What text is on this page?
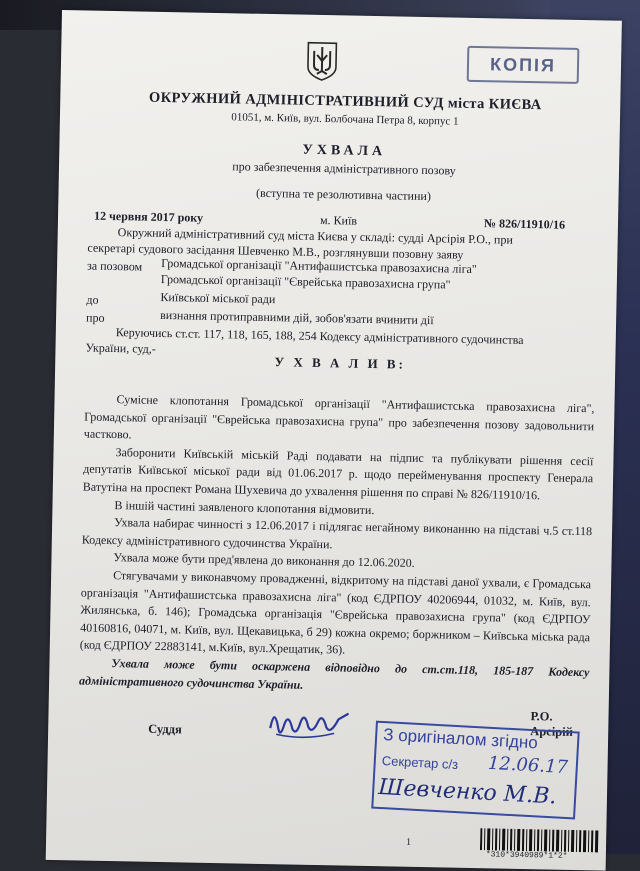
КОПІЯ
ОКРУЖНИЙ АДМІНІСТРАТИВНИЙ СУД міста КИЄВА
01051, м. Київ, вул. Болбочана Петра 8, корпус 1
УХВАЛА
про забезпечення адміністративного позову
(вступна те резолютивна частини)
12 червня 2017 року	м. Київ	№ 826/11910/16
Окружний адміністративний суд міста Києва у складі: судді Арсірія Р.О., при
секретарі судового засідання Шевченко М.В., розглянувши позовну заяву
за позовом Громадської організації "Антифашистська правозахисна ліга"
Громадської організації "Єврейська правозахисна група"
до	Київської міської ради
про	визнання протиправними дій, зобов'язати вчинити дії
Керуючись ст.ст. 117, 118, 165, 188, 254 Кодексу адміністративного судочинства
України, суд,-
У Х В А Л И В:

Сумісне клопотання Громадської організації "Антифашистська правозахисна ліга", Громадської організації "Єврейська правозахисна група" про забезпечення позову задовольнити частково.

Заборонити Київській міській Раді подавати на підпис та публікувати рішення сесії депутатів Київської міської ради від 01.06.2017 р. щодо перейменування проспекту Генерала Ватутіна на проспект Романа Шухевича до ухвалення рішення по справі № 826/11910/16.

В іншій частині заявленого клопотання відмовити.

Ухвала набирає чинності з 12.06.2017 і підлягає негайному виконанню на підставі ч.5 ст.118 Кодексу адміністративного судочинства України.

Ухвала може бути пред'явлена до виконання до 12.06.2020.

Стягувачами у виконавчому провадженні, відкритому на підставі даної ухвали, є Громадська організація "Антифашистська правозахисна ліга" (код ЄДРПОУ 40206944, 01032, м. Київ, вул. Жилянська, б. 146); Громадська організація "Єврейська правозахисна група" (код ЄДРПОУ 40160816, 04071, м. Київ, вул. Щекавицька, б 29) кожна окремо; боржником – Київська міська рада (код ЄДРПОУ 22883141, м.Київ, вул.Хрещатик, 36).

Ухвала може бути оскаржена відповідно до ст.ст.118, 185-187 Кодексу адміністративного судочинства України.

Суддя
Р.О. Арсірій
З оригіналом згідно
Секретар с/з 12.06.17
Шевченко М.В.
1
*310*3940989*1*2*
